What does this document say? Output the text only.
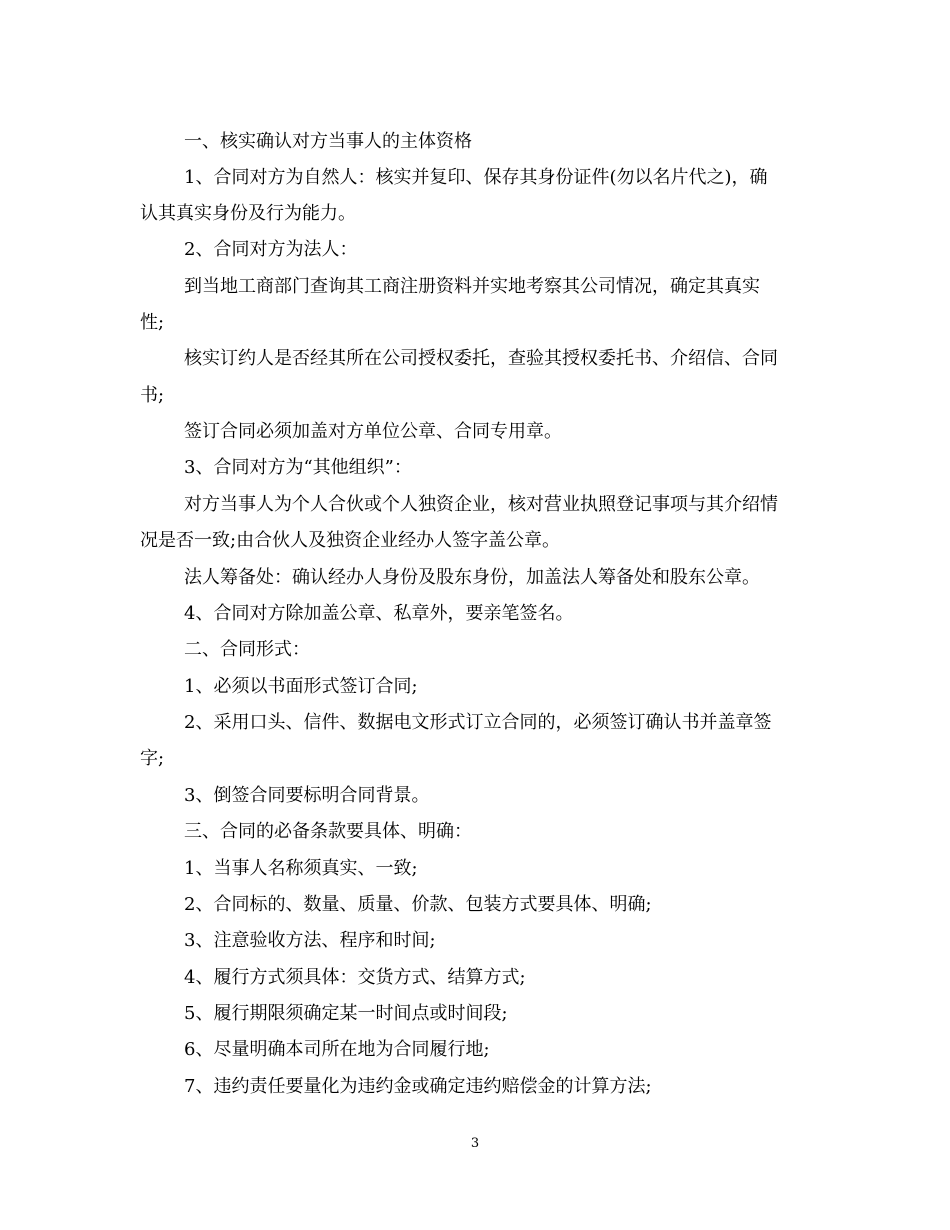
一、核实确认对方当事人的主体资格
1、合同对方为自然人：核实并复印、保存其身份证件(勿以名片代之)，确
认其真实身份及行为能力。
2、合同对方为法人：
到当地工商部门查询其工商注册资料并实地考察其公司情况，确定其真实
性;
核实订约人是否经其所在公司授权委托，查验其授权委托书、介绍信、合同
书;
签订合同必须加盖对方单位公章、合同专用章。
3、合同对方为“其他组织”：
对方当事人为个人合伙或个人独资企业，核对营业执照登记事项与其介绍情
况是否一致;由合伙人及独资企业经办人签字盖公章。
法人筹备处：确认经办人身份及股东身份，加盖法人筹备处和股东公章。
4、合同对方除加盖公章、私章外，要亲笔签名。
二、合同形式：
1、必须以书面形式签订合同;
2、采用口头、信件、数据电文形式订立合同的，必须签订确认书并盖章签
字;
3、倒签合同要标明合同背景。
三、合同的必备条款要具体、明确：
1、当事人名称须真实、一致;
2、合同标的、数量、质量、价款、包装方式要具体、明确;
3、注意验收方法、程序和时间;
4、履行方式须具体：交货方式、结算方式;
5、履行期限须确定某一时间点或时间段;
6、尽量明确本司所在地为合同履行地;
7、违约责任要量化为违约金或确定违约赔偿金的计算方法;
3
